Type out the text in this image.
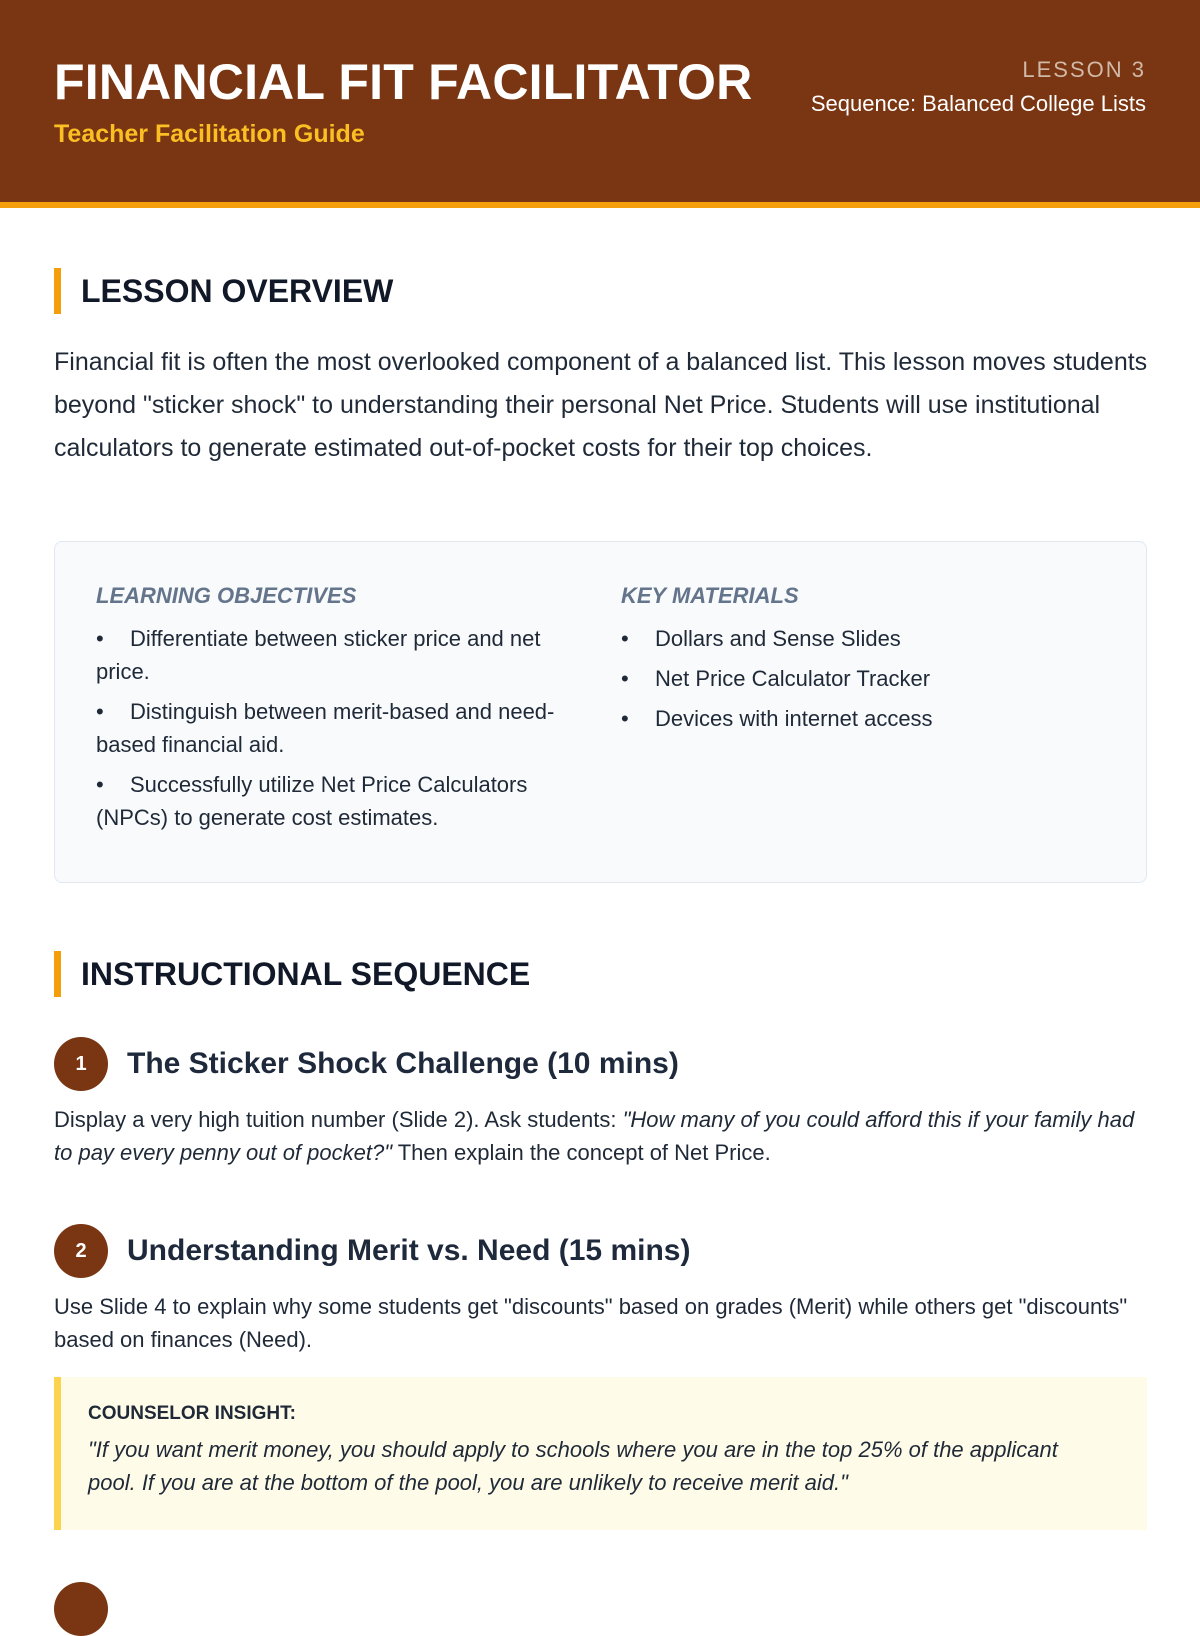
FINANCIAL FIT FACILITATOR
Teacher Facilitation Guide
LESSON 3
Sequence: Balanced College Lists
LESSON OVERVIEW

Financial fit is often the most overlooked component of a balanced list. This lesson moves students beyond "sticker shock" to understanding their personal Net Price. Students will use institutional calculators to generate estimated out-of-pocket costs for their top choices.

LEARNING OBJECTIVES
• Differentiate between sticker price and net price.
• Distinguish between merit-based and need-based financial aid.
• Successfully utilize Net Price Calculators (NPCs) to generate cost estimates.
KEY MATERIALS
• Dollars and Sense Slides
• Net Price Calculator Tracker
• Devices with internet access
INSTRUCTIONAL SEQUENCE
1	The Sticker Shock Challenge (10 mins)

Display a very high tuition number (Slide 2). Ask students: "How many of you could afford this if your family had to pay every penny out of pocket?" Then explain the concept of Net Price.

2	Understanding Merit vs. Need (15 mins)

Use Slide 4 to explain why some students get "discounts" based on grades (Merit) while others get "discounts" based on finances (Need).

COUNSELOR INSIGHT:

"If you want merit money, you should apply to schools where you are in the top 25% of the applicant pool. If you are at the bottom of the pool, you are unlikely to receive merit aid."
